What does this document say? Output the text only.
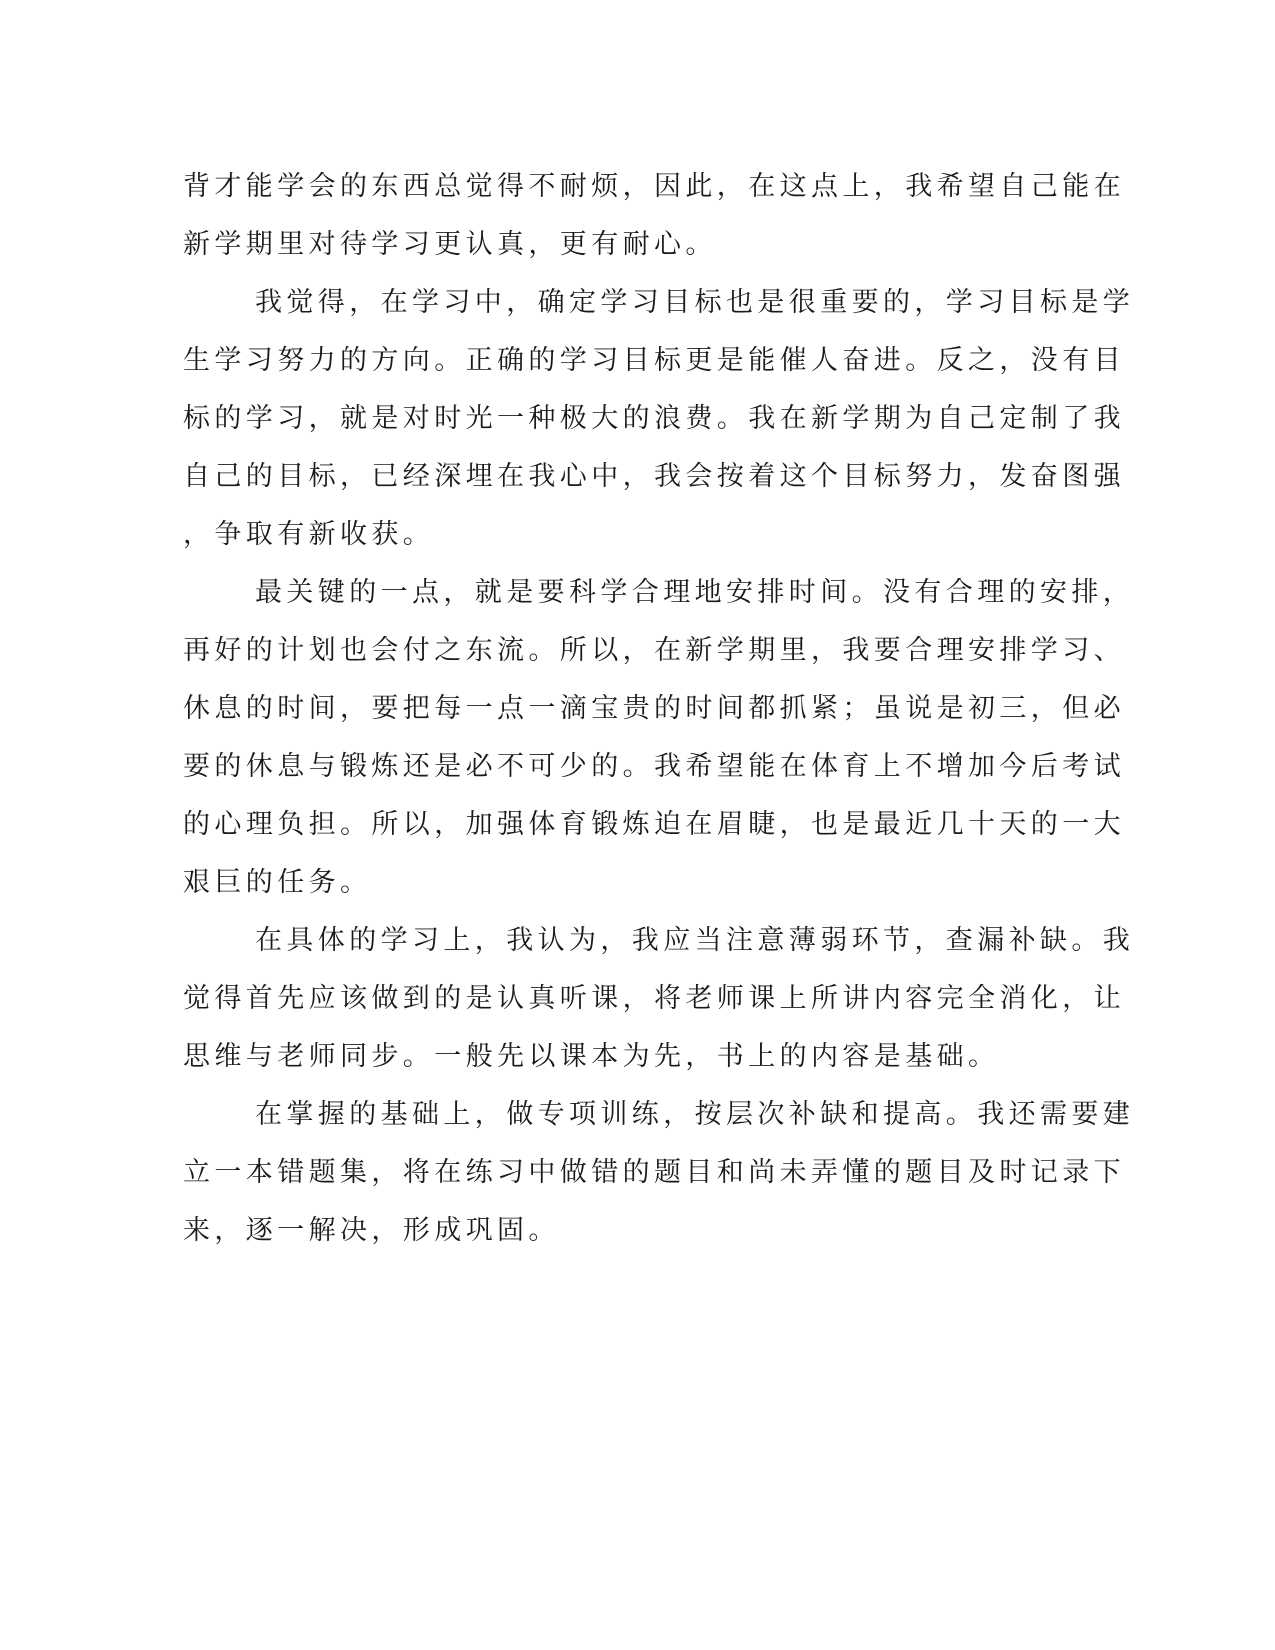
背才能学会的东西总觉得不耐烦，因此，在这点上，我希望自己能在
新学期里对待学习更认真，更有耐心。
我觉得，在学习中，确定学习目标也是很重要的，学习目标是学
生学习努力的方向。正确的学习目标更是能催人奋进。反之，没有目
标的学习，就是对时光一种极大的浪费。我在新学期为自己定制了我
自己的目标，已经深埋在我心中，我会按着这个目标努力，发奋图强
，争取有新收获。
最关键的一点，就是要科学合理地安排时间。没有合理的安排，
再好的计划也会付之东流。所以，在新学期里，我要合理安排学习、
休息的时间，要把每一点一滴宝贵的时间都抓紧；虽说是初三，但必
要的休息与锻炼还是必不可少的。我希望能在体育上不增加今后考试
的心理负担。所以，加强体育锻炼迫在眉睫，也是最近几十天的一大
艰巨的任务。
在具体的学习上，我认为，我应当注意薄弱环节，查漏补缺。我
觉得首先应该做到的是认真听课，将老师课上所讲内容完全消化，让
思维与老师同步。一般先以课本为先，书上的内容是基础。
在掌握的基础上，做专项训练，按层次补缺和提高。我还需要建
立一本错题集，将在练习中做错的题目和尚未弄懂的题目及时记录下
来，逐一解决，形成巩固。
